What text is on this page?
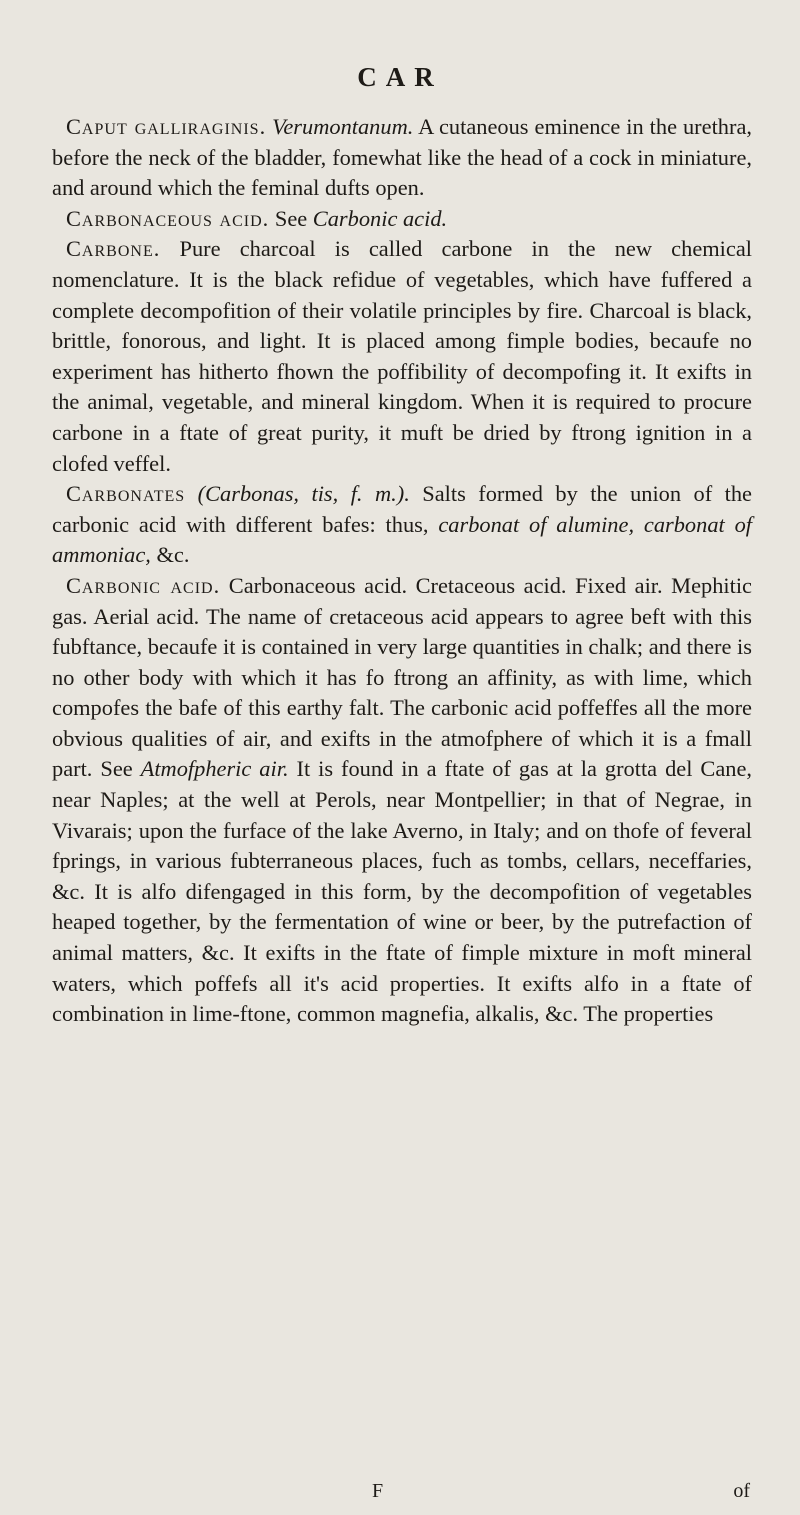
CAR

Caput galliraginis. Verumontanum. A cutaneous eminence in the urethra, before the neck of the bladder, fomewhat like the head of a cock in miniature, and around which the feminal dufts open.

Carbonaceous acid. See Carbonic acid.

Carbone. Pure charcoal is called carbone in the new chemical nomenclature. It is the black refidue of vegetables, which have fuffered a complete decompofition of their volatile principles by fire. Charcoal is black, brittle, fonorous, and light. It is placed among fimple bodies, becaufe no experiment has hitherto fhown the poffibility of decompofing it. It exifts in the animal, vegetable, and mineral kingdom. When it is required to procure carbone in a ftate of great purity, it muft be dried by ftrong ignition in a clofed veffel.

Carbonates (Carbonas, tis, f. m.). Salts formed by the union of the carbonic acid with different bafes: thus, carbonat of alumine, carbonat of ammoniac, &c.

Carbonic acid. Carbonaceous acid. Cretaceous acid. Fixed air. Mephitic gas. Aerial acid. The name of cretaceous acid appears to agree beft with this fubftance, becaufe it is contained in very large quantities in chalk; and there is no other body with which it has fo ftrong an affinity, as with lime, which compofes the bafe of this earthy falt. The carbonic acid poffeffes all the more obvious qualities of air, and exifts in the atmofphere of which it is a fmall part. See Atmofpheric air. It is found in a ftate of gas at la grotta del Cane, near Naples; at the well at Perols, near Montpellier; in that of Negrae, in Vivarais; upon the furface of the lake Averno, in Italy; and on thofe of feveral fprings, in various fubterraneous places, fuch as tombs, cellars, neceffaries, &c. It is alfo difengaged in this form, by the decompofition of vegetables heaped together, by the fermentation of wine or beer, by the putrefaction of animal matters, &c. It exifts in the ftate of fimple mixture in moft mineral waters, which poffefs all it's acid properties. It exifts alfo in a ftate of combination in lime-ftone, common magnefia, alkalis, &c. The properties

F	of
